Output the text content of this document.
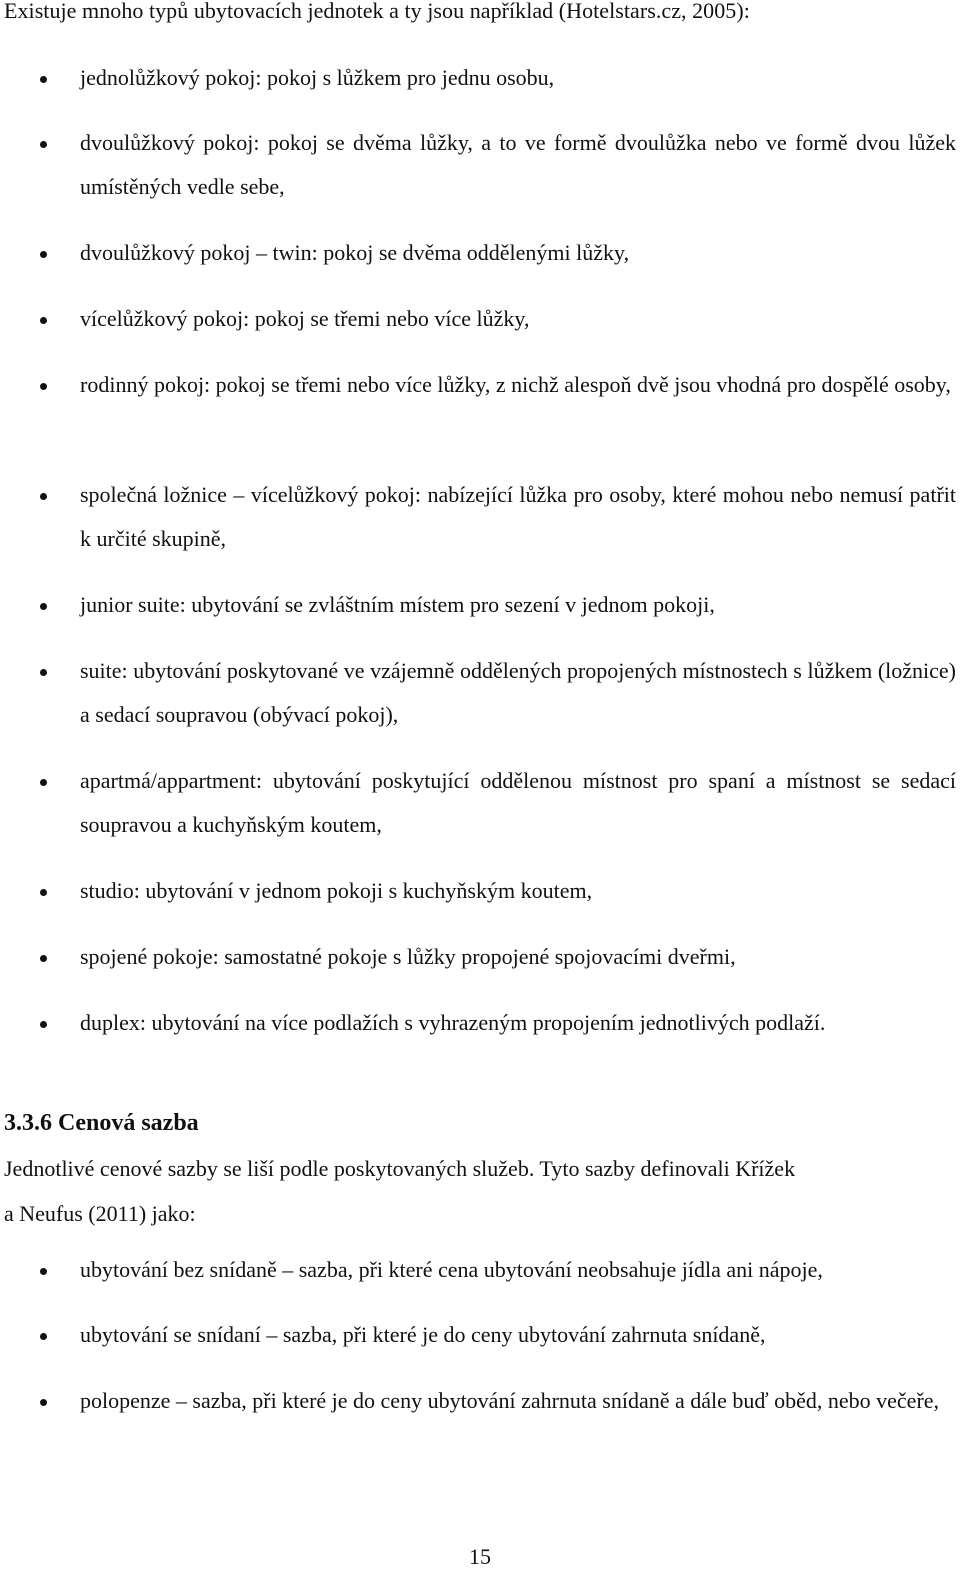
Existuje mnoho typů ubytovacích jednotek a ty jsou například (Hotelstars.cz, 2005):
jednolůžkový pokoj: pokoj s lůžkem pro jednu osobu,
dvoulůžkový pokoj: pokoj se dvěma lůžky, a to ve formě dvoulůžka nebo ve formě dvou lůžek umístěných vedle sebe,
dvoulůžkový pokoj – twin: pokoj se dvěma oddělenými lůžky,
vícelůžkový pokoj: pokoj se třemi nebo více lůžky,
rodinný pokoj: pokoj se třemi nebo více lůžky, z nichž alespoň dvě jsou vhodná pro dospělé osoby,
společná ložnice – vícelůžkový pokoj: nabízející lůžka pro osoby, které mohou nebo nemusí patřit k určité skupině,
junior suite: ubytování se zvláštním místem pro sezení v jednom pokoji,
suite: ubytování poskytované ve vzájemně oddělených propojených místnostech s lůžkem (ložnice) a sedací soupravou (obývací pokoj),
apartmá/appartment: ubytování poskytující oddělenou místnost pro spaní a místnost se sedací soupravou a kuchyňským koutem,
studio: ubytování v jednom pokoji s kuchyňským koutem,
spojené pokoje: samostatné pokoje s lůžky propojené spojovacími dveřmi,
duplex: ubytování na více podlažích s vyhrazeným propojením jednotlivých podlaží.
3.3.6 Cenová sazba
Jednotlivé cenové sazby se liší podle poskytovaných služeb. Tyto sazby definovali Křížek
a Neufus (2011) jako:
ubytování bez snídaně – sazba, při které cena ubytování neobsahuje jídla ani nápoje,
ubytování se snídaní – sazba, při které je do ceny ubytování zahrnuta snídaně,
polopenze – sazba, při které je do ceny ubytování zahrnuta snídaně a dále buď oběd, nebo večeře,
15
